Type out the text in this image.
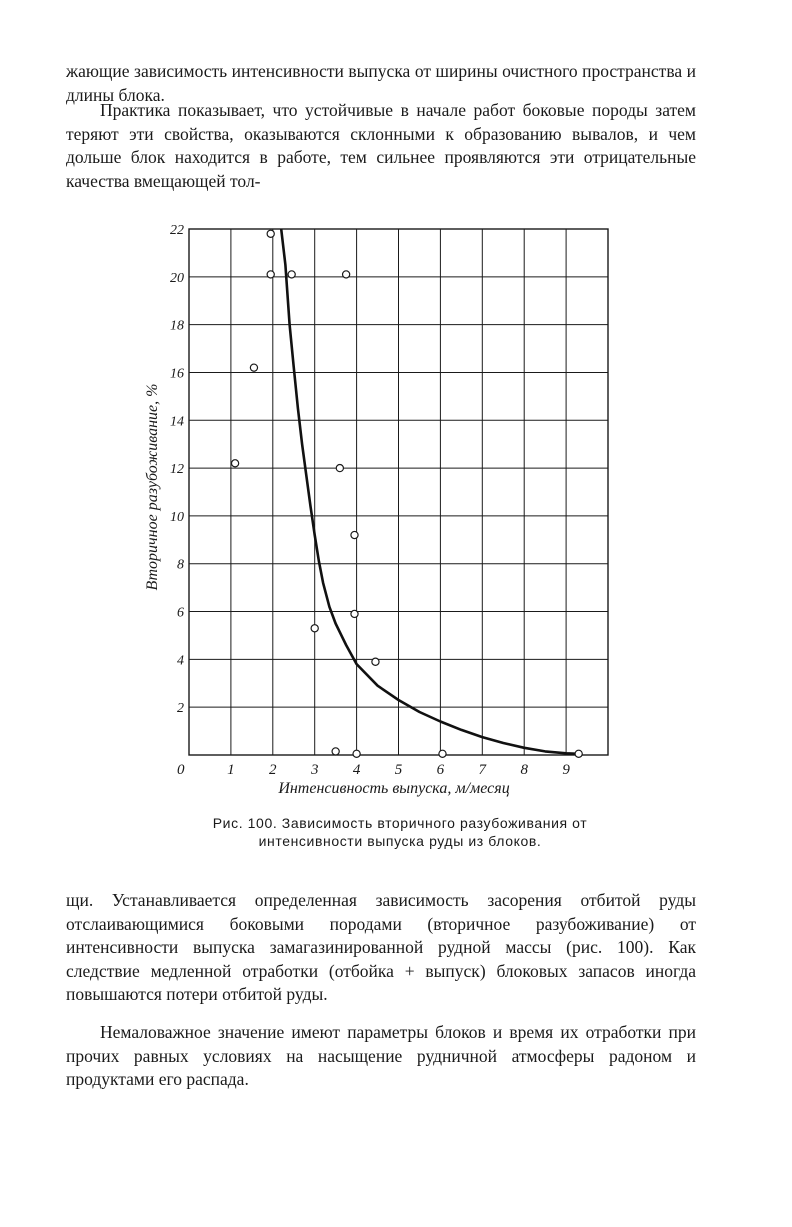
жающие зависимость интенсивности выпуска от ширины очистного пространства и длины блока.

Практика показывает, что устойчивые в начале работ боковые породы затем теряют эти свойства, оказываются склонными к образованию вывалов, и чем дольше блок находится в работе, тем сильнее проявляются эти отрицательные качества вмещающей тол-

1 2 3 4 5 6 7 8 9
2
4
6
8
10
12
14
16
18
20
22
0
Интенсивность выпуска, м/месяц
Вторичное разубоживание, %
Рис. 100. Зависимость вторичного разубоживания от
интенсивности выпуска руды из блоков.

щи. Устанавливается определенная зависимость засорения отбитой руды отслаивающимися боковыми породами (вторичное разубоживание) от интенсивности выпуска замагазинированной рудной массы (рис. 100). Как следствие медленной отработки (отбойка + выпуск) блоковых запасов иногда повышаются потери отбитой руды.

Немаловажное значение имеют параметры блоков и время их отработки при прочих равных условиях на насыщение рудничной атмосферы радоном и продуктами его распада.
